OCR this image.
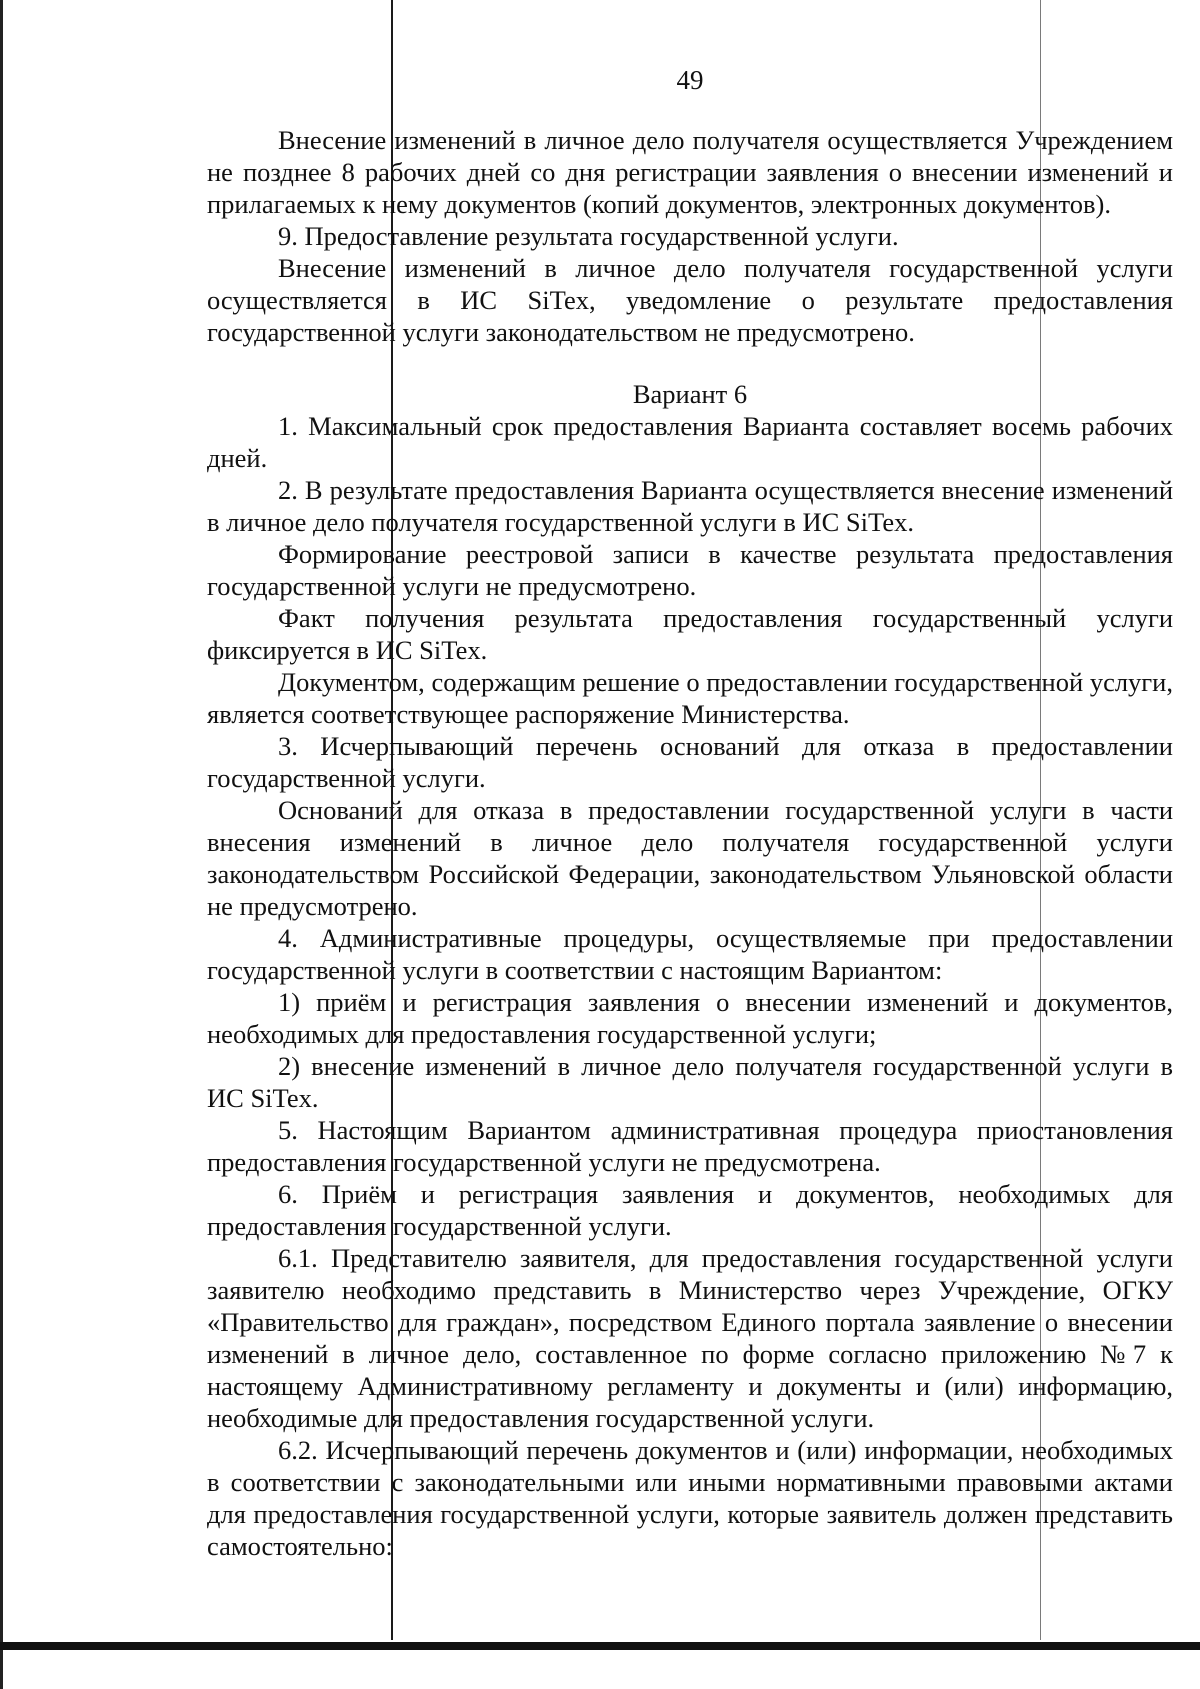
49

Внесение изменений в личное дело получателя осуществляется Учреждением не позднее 8 рабочих дней со дня регистрации заявления о внесении изменений и прилагаемых к нему документов (копий документов, электронных документов).

9. Предоставление результата государственной услуги.

Внесение изменений в личное дело получателя государственной услуги осуществляется в ИС SiTex, уведомление о результате предоставления государственной услуги законодательством не предусмотрено.

Вариант 6

1. Максимальный срок предоставления Варианта составляет восемь рабочих дней.

2. В результате предоставления Варианта осуществляется внесение изменений в личное дело получателя государственной услуги в ИС SiTex.

Формирование реестровой записи в качестве результата предоставления государственной услуги не предусмотрено.

Факт получения результата предоставления государственный услуги фиксируется в ИС SiTex.

Документом, содержащим решение о предоставлении государственной услуги, является соответствующее распоряжение Министерства.

3. Исчерпывающий перечень оснований для отказа в предоставлении государственной услуги.

Оснований для отказа в предоставлении государственной услуги в части внесения изменений в личное дело получателя государственной услуги законодательством Российской Федерации, законодательством Ульяновской области не предусмотрено.

4. Административные процедуры, осуществляемые при предоставлении государственной услуги в соответствии с настоящим Вариантом:

1) приём и регистрация заявления о внесении изменений и документов, необходимых для предоставления государственной услуги;

2) внесение изменений в личное дело получателя государственной услуги в ИС SiTex.

5. Настоящим Вариантом административная процедура приостановления предоставления государственной услуги не предусмотрена.

6. Приём и регистрация заявления и документов, необходимых для предоставления государственной услуги.

6.1. Представителю заявителя, для предоставления государственной услуги заявителю необходимо представить в Министерство через Учреждение, ОГКУ «Правительство для граждан», посредством Единого портала заявление о внесении изменений в личное дело, составленное по форме согласно приложению №7 к настоящему Административному регламенту и документы и (или) информацию, необходимые для предоставления государственной услуги.

6.2. Исчерпывающий перечень документов и (или) информации, необходимых в соответствии с законодательными или иными нормативными правовыми актами для предоставления государственной услуги, которые заявитель должен представить самостоятельно:
